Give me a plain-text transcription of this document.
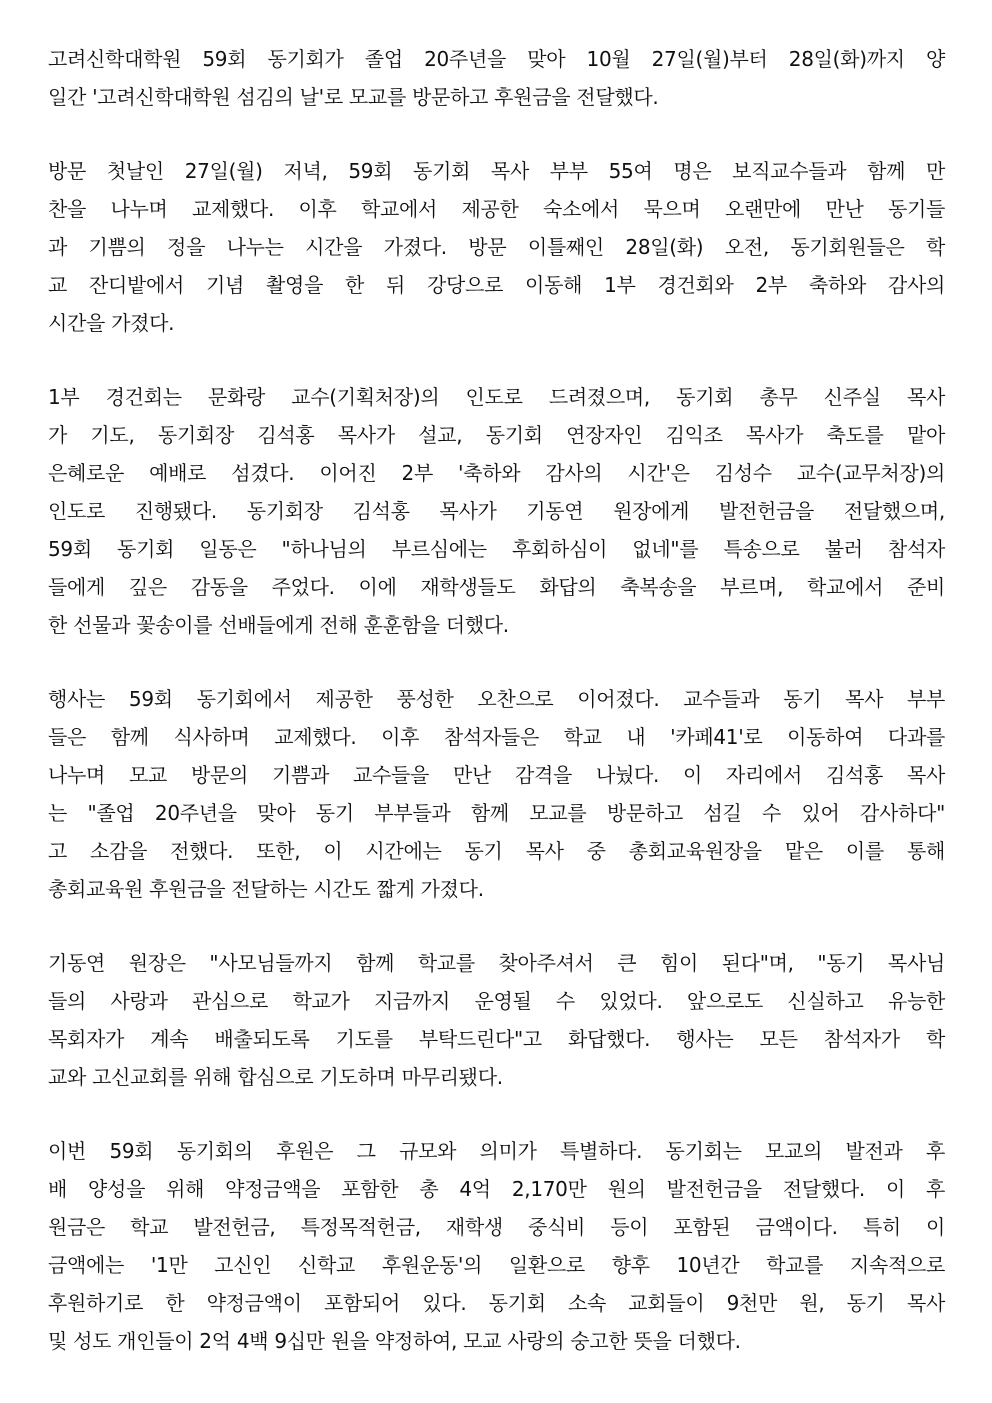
고려신학대학원 59회 동기회가 졸업 20주년을 맞아 10월 27일(월)부터 28일(화)까지 양
일간 '고려신학대학원 섬김의 날'로 모교를 방문하고 후원금을 전달했다.
방문 첫날인 27일(월) 저녁, 59회 동기회 목사 부부 55여 명은 보직교수들과 함께 만
찬을 나누며 교제했다. 이후 학교에서 제공한 숙소에서 묵으며 오랜만에 만난 동기들
과 기쁨의 정을 나누는 시간을 가졌다. 방문 이틀째인 28일(화) 오전, 동기회원들은 학
교 잔디밭에서 기념 촬영을 한 뒤 강당으로 이동해 1부 경건회와 2부 축하와 감사의
시간을 가졌다.
1부 경건회는 문화랑 교수(기획처장)의 인도로 드려졌으며, 동기회 총무 신주실 목사
가 기도, 동기회장 김석홍 목사가 설교, 동기회 연장자인 김익조 목사가 축도를 맡아
은혜로운 예배로 섬겼다. 이어진 2부 '축하와 감사의 시간'은 김성수 교수(교무처장)의
인도로 진행됐다. 동기회장 김석홍 목사가 기동연 원장에게 발전헌금을 전달했으며,
59회 동기회 일동은 "하나님의 부르심에는 후회하심이 없네"를 특송으로 불러 참석자
들에게 깊은 감동을 주었다. 이에 재학생들도 화답의 축복송을 부르며, 학교에서 준비
한 선물과 꽃송이를 선배들에게 전해 훈훈함을 더했다.
행사는 59회 동기회에서 제공한 풍성한 오찬으로 이어졌다. 교수들과 동기 목사 부부
들은 함께 식사하며 교제했다. 이후 참석자들은 학교 내 '카페41'로 이동하여 다과를
나누며 모교 방문의 기쁨과 교수들을 만난 감격을 나눴다. 이 자리에서 김석홍 목사
는 "졸업 20주년을 맞아 동기 부부들과 함께 모교를 방문하고 섬길 수 있어 감사하다"
고 소감을 전했다. 또한, 이 시간에는 동기 목사 중 총회교육원장을 맡은 이를 통해
총회교육원 후원금을 전달하는 시간도 짧게 가졌다.
기동연 원장은 "사모님들까지 함께 학교를 찾아주셔서 큰 힘이 된다"며, "동기 목사님
들의 사랑과 관심으로 학교가 지금까지 운영될 수 있었다. 앞으로도 신실하고 유능한
목회자가 계속 배출되도록 기도를 부탁드린다"고 화답했다. 행사는 모든 참석자가 학
교와 고신교회를 위해 합심으로 기도하며 마무리됐다.
이번 59회 동기회의 후원은 그 규모와 의미가 특별하다. 동기회는 모교의 발전과 후
배 양성을 위해 약정금액을 포함한 총 4억 2,170만 원의 발전헌금을 전달했다. 이 후
원금은 학교 발전헌금, 특정목적헌금, 재학생 중식비 등이 포함된 금액이다. 특히 이
금액에는 '1만 고신인 신학교 후원운동'의 일환으로 향후 10년간 학교를 지속적으로
후원하기로 한 약정금액이 포함되어 있다. 동기회 소속 교회들이 9천만 원, 동기 목사
및 성도 개인들이 2억 4백 9십만 원을 약정하여, 모교 사랑의 숭고한 뜻을 더했다.
